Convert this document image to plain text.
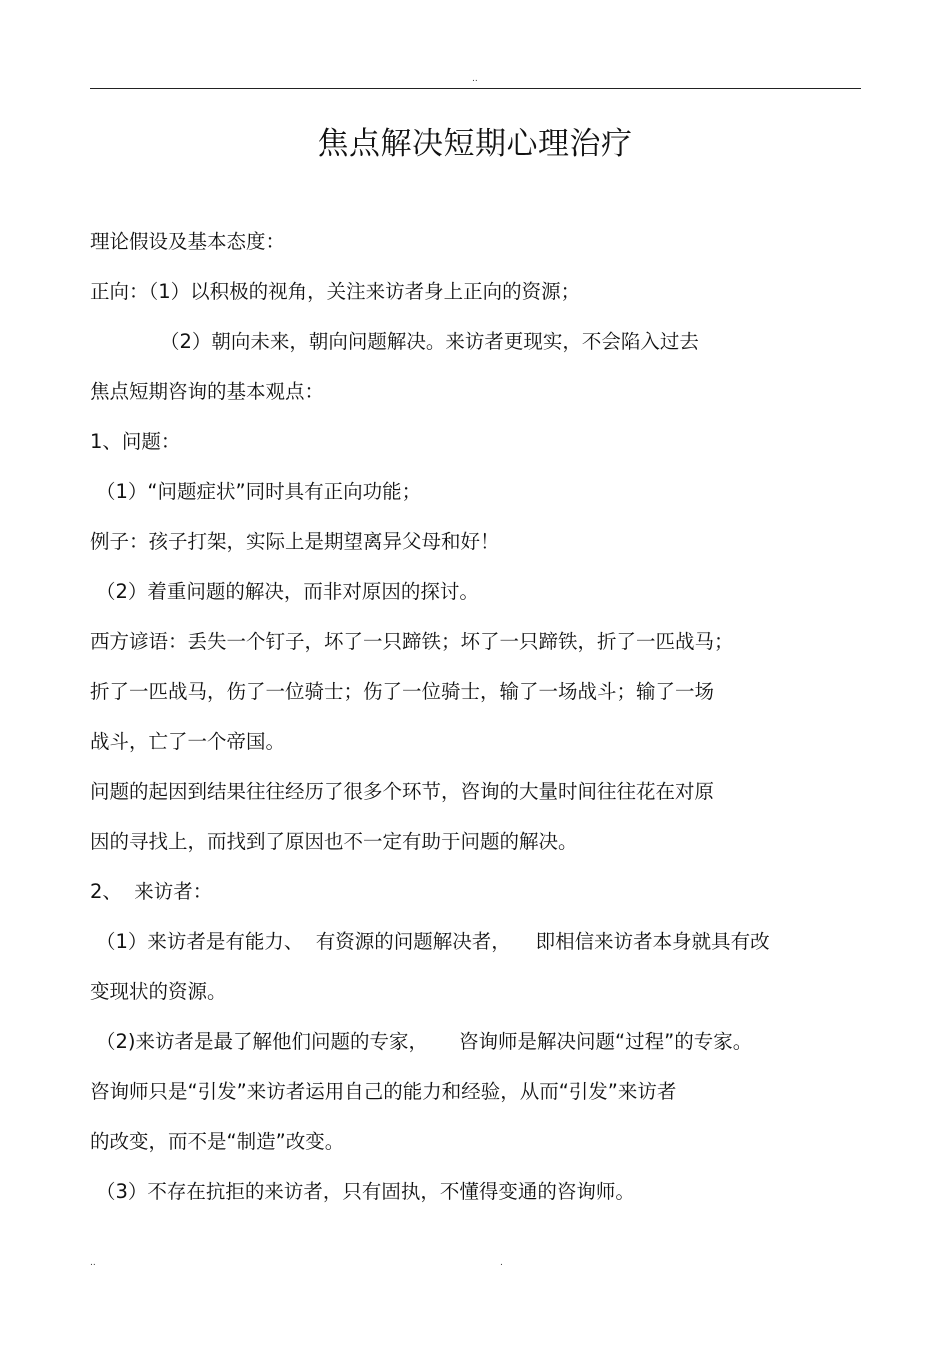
..
焦点解决短期心理治疗

理论假设及基本态度：

正向：（1）以积极的视角，关注来访者身上正向的资源；

（2）朝向未来，朝向问题解决。来访者更现实，不会陷入过去

焦点短期咨询的基本观点：

1、问题：

（1）“问题症状”同时具有正向功能；

例子：孩子打架，实际上是期望离异父母和好！

（2）着重问题的解决，而非对原因的探讨。

西方谚语：丢失一个钉子，坏了一只蹄铁；坏了一只蹄铁，折了一匹战马；

折了一匹战马，伤了一位骑士；伤了一位骑士，输了一场战斗；输了一场

战斗，亡了一个帝国。

问题的起因到结果往往经历了很多个环节，咨询的大量时间往往花在对原

因的寻找上，而找到了原因也不一定有助于问题的解决。

2、  来访者：

（1）来访者是有能力、  有资源的问题解决者，    即相信来访者本身就具有改

变现状的资源。

（2)来访者是最了解他们问题的专家，     咨询师是解决问题“过程”的专家。

咨询师只是“引发”来访者运用自己的能力和经验，从而“引发”来访者

的改变，而不是“制造”改变。

（3）不存在抗拒的来访者，只有固执，不懂得变通的咨询师。

..	.
